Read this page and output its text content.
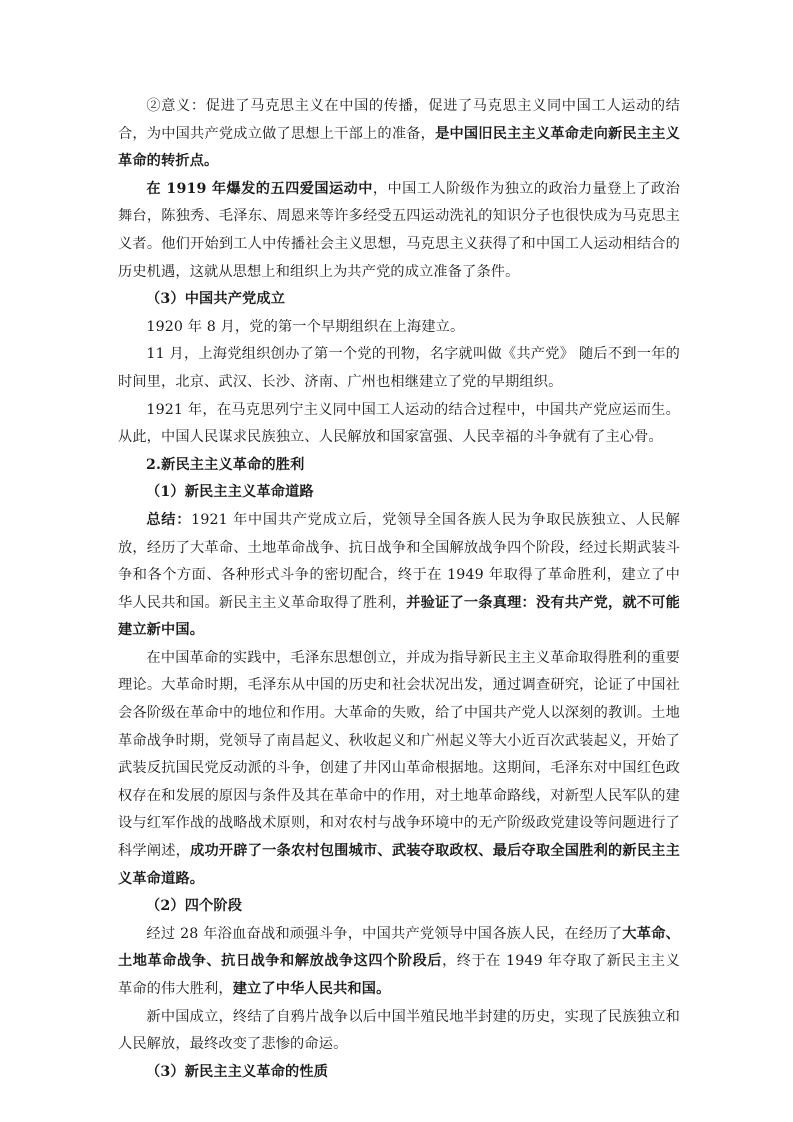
②意义：促进了马克思主义在中国的传播，促进了马克思主义同中国工人运动的结合，为中国共产党成立做了思想上干部上的准备，是中国旧民主主义革命走向新民主主义革命的转折点。

在 1919 年爆发的五四爱国运动中，中国工人阶级作为独立的政治力量登上了政治舞台，陈独秀、毛泽东、周恩来等许多经受五四运动洗礼的知识分子也很快成为马克思主义者。他们开始到工人中传播社会主义思想，马克思主义获得了和中国工人运动相结合的历史机遇，这就从思想上和组织上为共产党的成立准备了条件。

（3）中国共产党成立

1920 年 8 月，党的第一个早期组织在上海建立。

11 月，上海党组织创办了第一个党的刊物，名字就叫做《共产党》 随后不到一年的时间里，北京、武汉、长沙、济南、广州也相继建立了党的早期组织。

1921 年，在马克思列宁主义同中国工人运动的结合过程中，中国共产党应运而生。从此，中国人民谋求民族独立、人民解放和国家富强、人民幸福的斗争就有了主心骨。

2.新民主主义革命的胜利

（1）新民主主义革命道路

总结：1921 年中国共产党成立后，党领导全国各族人民为争取民族独立、人民解放，经历了大革命、土地革命战争、抗日战争和全国解放战争四个阶段，经过长期武装斗争和各个方面、各种形式斗争的密切配合，终于在 1949 年取得了革命胜利，建立了中华人民共和国。新民主主义革命取得了胜利，并验证了一条真理：没有共产党，就不可能建立新中国。

在中国革命的实践中，毛泽东思想创立，并成为指导新民主主义革命取得胜利的重要理论。大革命时期，毛泽东从中国的历史和社会状况出发，通过调查研究，论证了中国社会各阶级在革命中的地位和作用。大革命的失败，给了中国共产党人以深刻的教训。土地革命战争时期，党领导了南昌起义、秋收起义和广州起义等大小近百次武装起义，开始了武装反抗国民党反动派的斗争，创建了井冈山革命根据地。这期间，毛泽东对中国红色政权存在和发展的原因与条件及其在革命中的作用，对土地革命路线，对新型人民军队的建设与红军作战的战略战术原则，和对农村与战争环境中的无产阶级政党建设等问题进行了科学阐述，成功开辟了一条农村包围城市、武装夺取政权、最后夺取全国胜利的新民主主义革命道路。

（2）四个阶段

经过 28 年浴血奋战和顽强斗争，中国共产党领导中国各族人民，在经历了大革命、土地革命战争、抗日战争和解放战争这四个阶段后，终于在 1949 年夺取了新民主主义革命的伟大胜利，建立了中华人民共和国。

新中国成立，终结了自鸦片战争以后中国半殖民地半封建的历史，实现了民族独立和人民解放，最终改变了悲惨的命运。

（3）新民主主义革命的性质
